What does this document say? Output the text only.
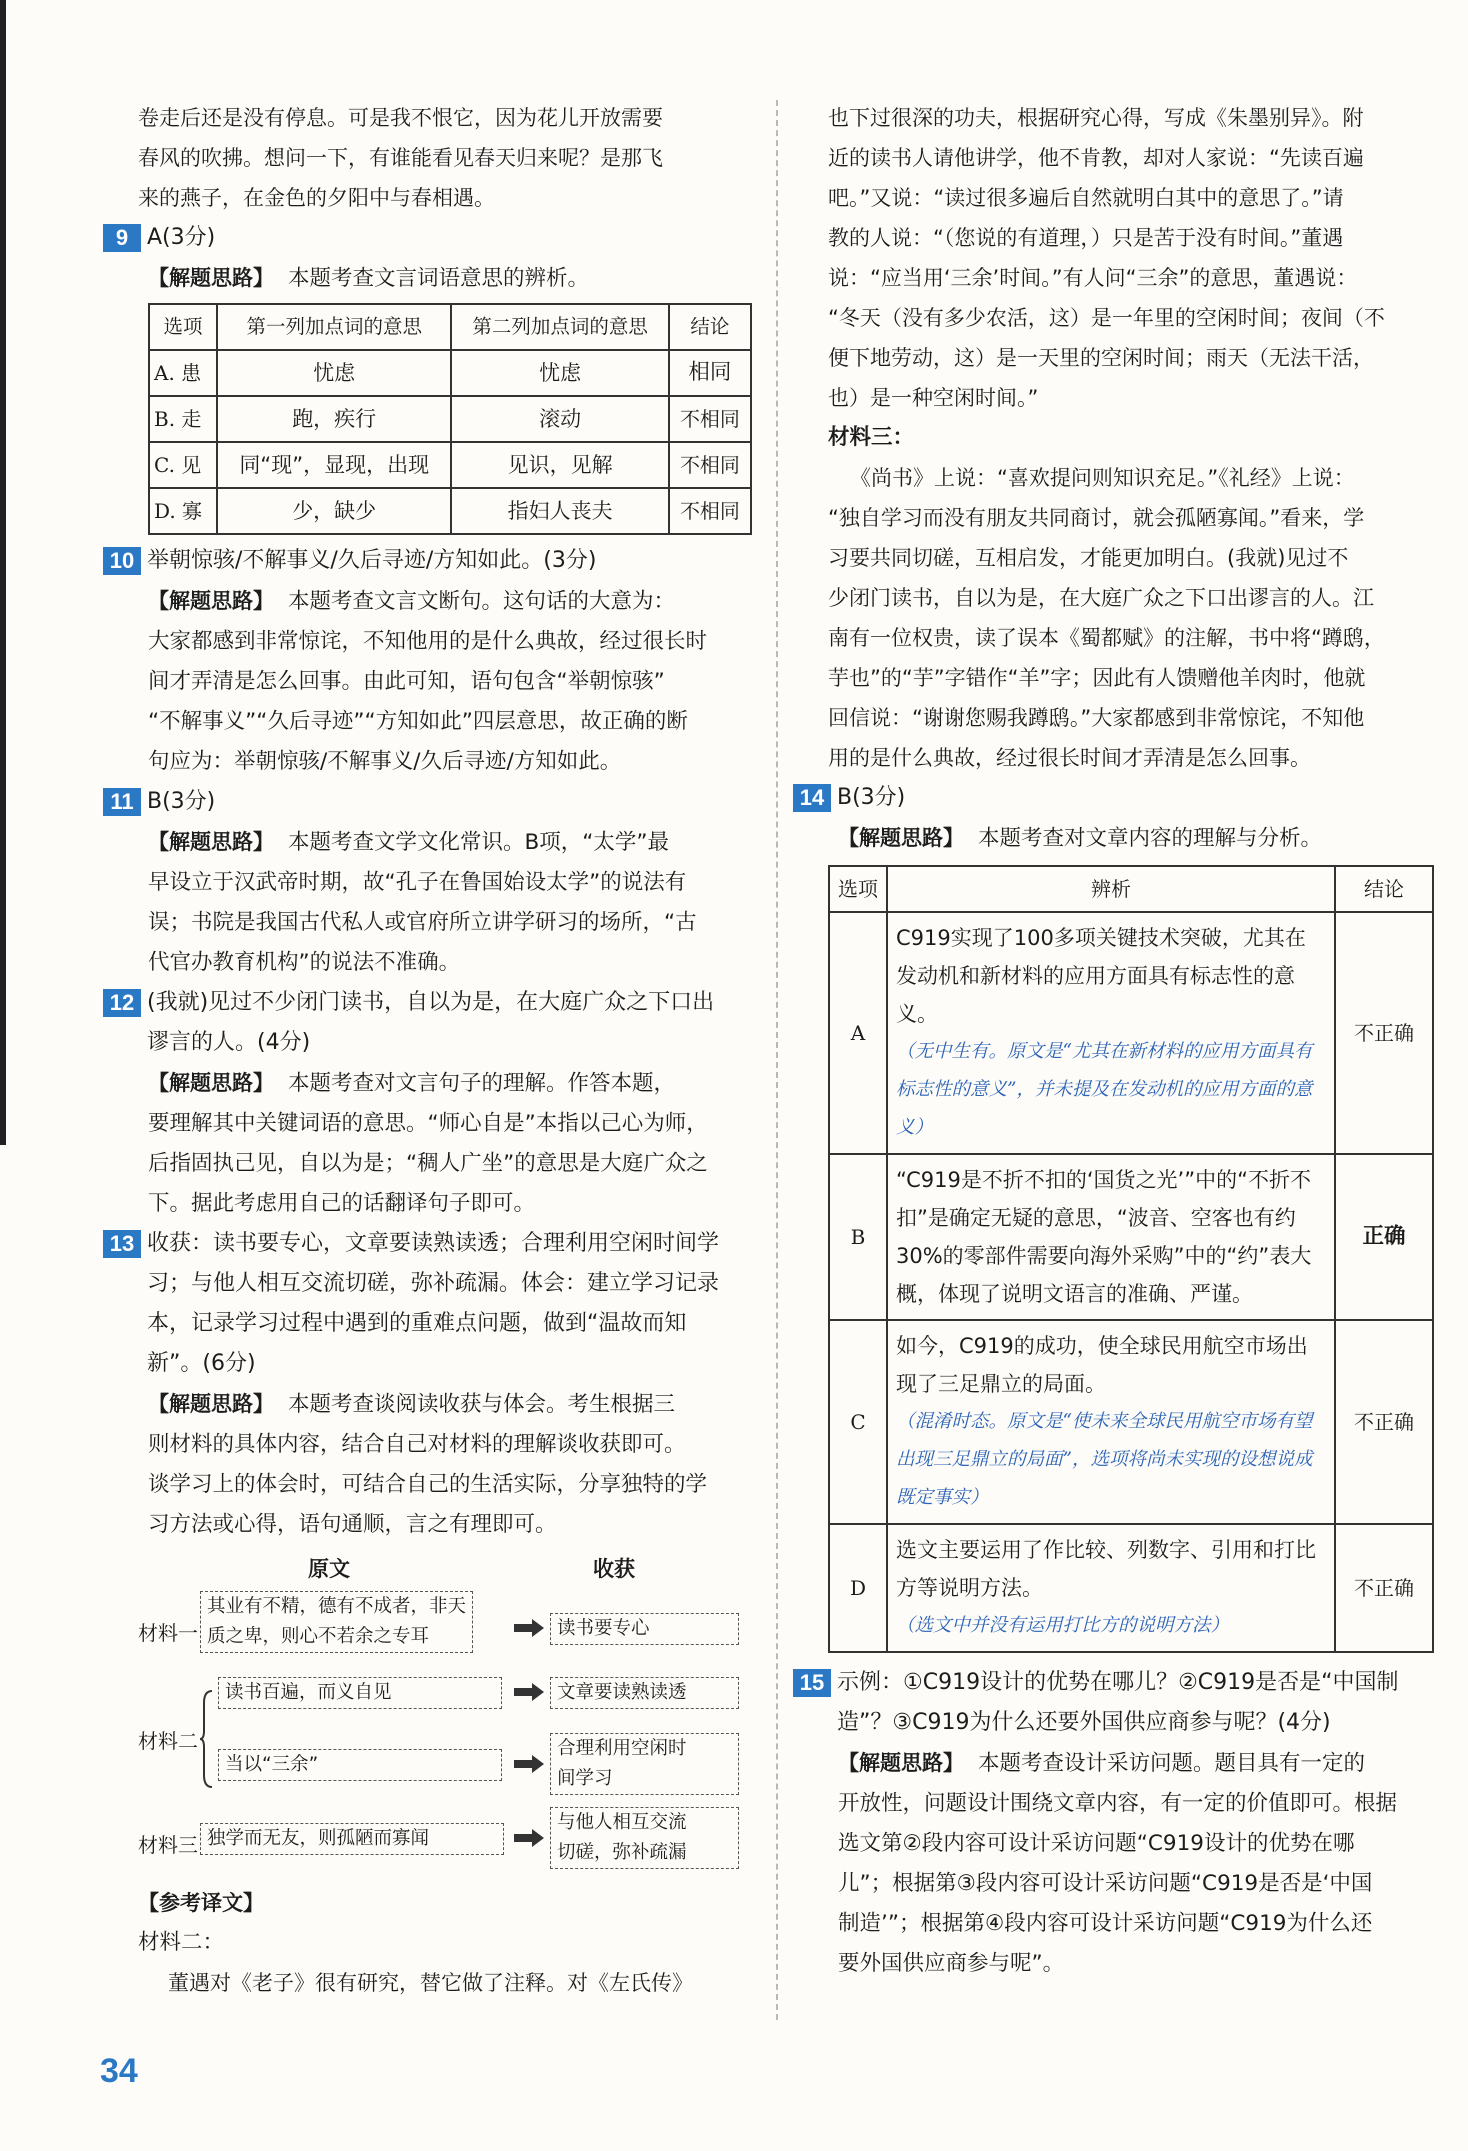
卷走后还是没有停息。可是我不恨它，因为花儿开放需要

春风的吹拂。想问一下，有谁能看见春天归来呢？是那飞

来的燕子，在金色的夕阳中与春相遇。

9 A(3分)

【解题思路】 本题考查文言词语意思的辨析。

选项	第一列加点词的意思	第二列加点词的意思	结论
A. 患	忧虑	忧虑	相同
B. 走	跑，疾行	滚动	不相同
C. 见	同“现”，显现，出现	见识，见解	不相同
D. 寡	少，缺少	指妇人丧夫	不相同
10 举朝惊骇/不解事义/久后寻迹/方知如此。(3分)

【解题思路】 本题考查文言文断句。这句话的大意为：

大家都感到非常惊诧，不知他用的是什么典故，经过很长时

间才弄清是怎么回事。由此可知，语句包含“举朝惊骇”

“不解事义”“久后寻迹”“方知如此”四层意思，故正确的断

句应为：举朝惊骇/不解事义/久后寻迹/方知如此。

11 B(3分)

【解题思路】 本题考查文学文化常识。B项，“太学”最

早设立于汉武帝时期，故“孔子在鲁国始设太学”的说法有

误；书院是我国古代私人或官府所立讲学研习的场所，“古

代官办教育机构”的说法不准确。

12 (我就)见过不少闭门读书，自以为是，在大庭广众之下口出
谬言的人。(4分)

【解题思路】 本题考查对文言句子的理解。作答本题，

要理解其中关键词语的意思。“师心自是”本指以己心为师，

后指固执己见，自以为是；“稠人广坐”的意思是大庭广众之

下。据此考虑用自己的话翻译句子即可。

13 收获：读书要专心，文章要读熟读透；合理利用空闲时间学
习；与他人相互交流切磋，弥补疏漏。体会：建立学习记录
本，记录学习过程中遇到的重难点问题，做到“温故而知
新”。(6分)

【解题思路】 本题考查谈阅读收获与体会。考生根据三

则材料的具体内容，结合自己对材料的理解谈收获即可。

谈学习上的体会时，可结合自己的生活实际，分享独特的学

习方法或心得，语句通顺，言之有理即可。

原文	收获
材料一
其业有不精，德有不成者，非天
质之卑，则心不若余之专耳	读书要专心
材料二
读书百遍，而义自见	文章要读熟读透
当以“三余”
合理利用空闲时
间学习
材料三 独学而无友，则孤陋而寡闻
与他人相互交流
切磋，弥补疏漏

【参考译文】

材料二：

董遇对《老子》很有研究，替它做了注释。对《左氏传》

也下过很深的功夫，根据研究心得，写成《朱墨别异》。附

近的读书人请他讲学，他不肯教，却对人家说：“先读百遍

吧。”又说：“读过很多遍后自然就明白其中的意思了。”请

教的人说：“（您说的有道理，）只是苦于没有时间。”董遇

说：“应当用‘三余’时间。”有人问“三余”的意思，董遇说：

“冬天（没有多少农活，这）是一年里的空闲时间；夜间（不

便下地劳动，这）是一天里的空闲时间；雨天（无法干活，

也）是一种空闲时间。”

材料三：

《尚书》上说：“喜欢提问则知识充足。”《礼经》上说：

“独自学习而没有朋友共同商讨，就会孤陋寡闻。”看来，学

习要共同切磋，互相启发，才能更加明白。(我就)见过不

少闭门读书，自以为是，在大庭广众之下口出谬言的人。江

南有一位权贵，读了误本《蜀都赋》的注解，书中将“蹲鸱，

芋也”的“芋”字错作“羊”字；因此有人馈赠他羊肉时，他就

回信说：“谢谢您赐我蹲鸱。”大家都感到非常惊诧，不知他

用的是什么典故，经过很长时间才弄清是怎么回事。

14 B(3分)

【解题思路】 本题考查对文章内容的理解与分析。

选项	辨析	结论
A	C919实现了100多项关键技术突破，尤其在发动机和新材料的应用方面具有标志性的意义。
（无中生有。原文是“尤其在新材料的应用方面具有标志性的意义”，并未提及在发动机的应用方面的意义）	不正确
B	“C919是不折不扣的‘国货之光’”中的“不折不扣”是确定无疑的意思，“波音、空客也有约30%的零部件需要向海外采购”中的“约”表大概，体现了说明文语言的准确、严谨。	正确
C	如今，C919的成功，使全球民用航空市场出现了三足鼎立的局面。
（混淆时态。原文是“使未来全球民用航空市场有望出现三足鼎立的局面”，选项将尚未实现的设想说成既定事实）	不正确
D	选文主要运用了作比较、列数字、引用和打比方等说明方法。
（选文中并没有运用打比方的说明方法）	不正确
15 示例：①C919设计的优势在哪儿？②C919是否是“中国制
造”？③C919为什么还要外国供应商参与呢？(4分)

【解题思路】 本题考查设计采访问题。题目具有一定的

开放性，问题设计围绕文章内容，有一定的价值即可。根据

选文第②段内容可设计采访问题“C919设计的优势在哪

儿”；根据第③段内容可设计采访问题“C919是否是‘中国

制造’”；根据第④段内容可设计采访问题“C919为什么还

要外国供应商参与呢”。

34
